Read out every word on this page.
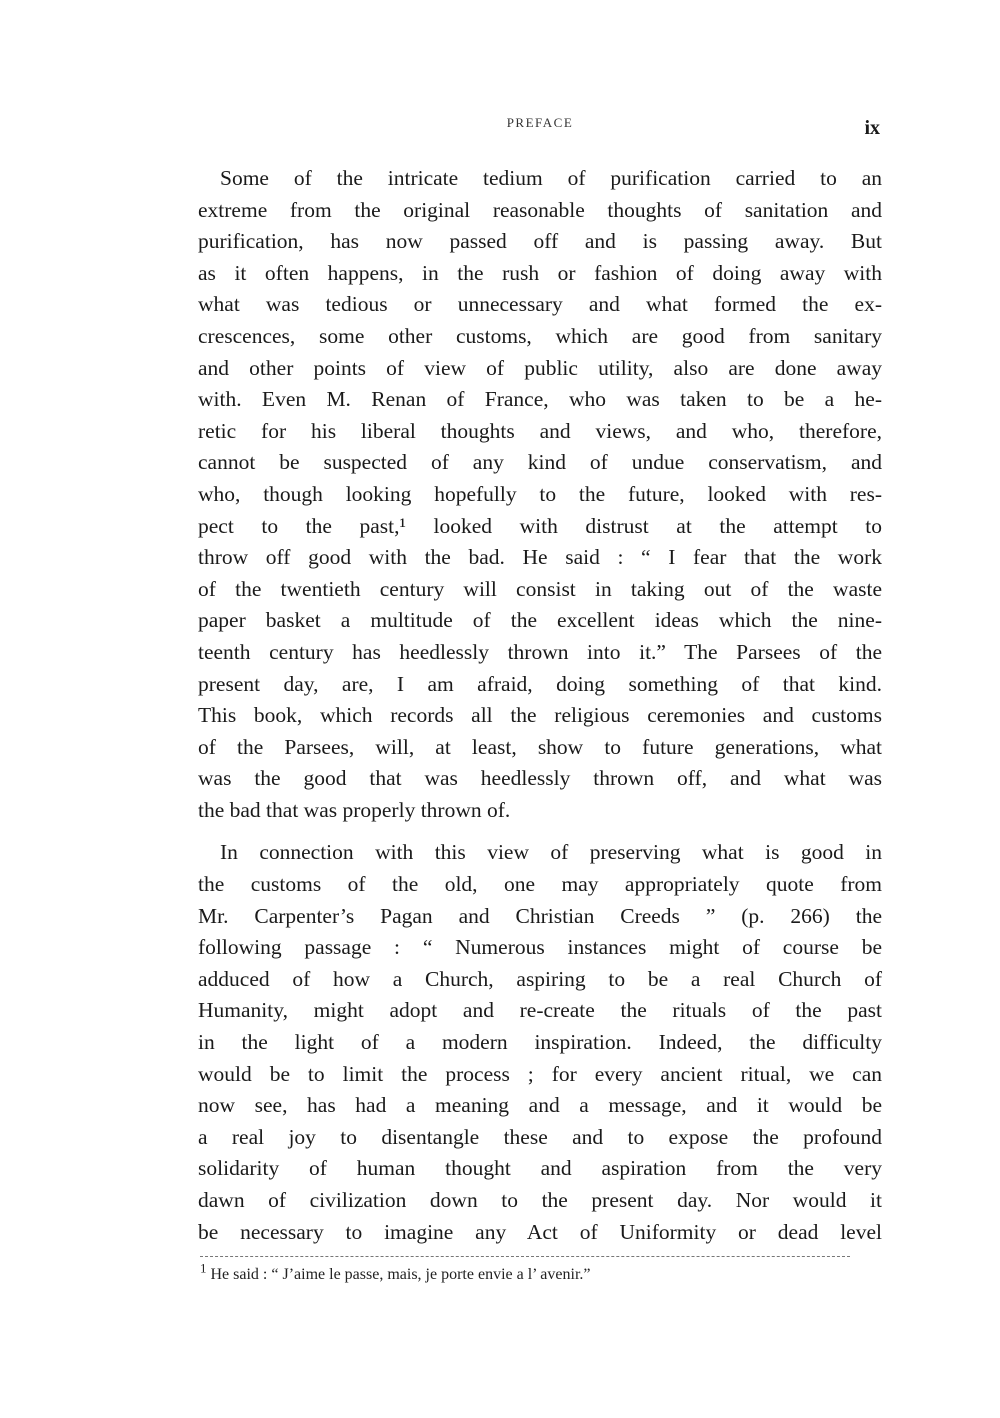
PREFACE	ix
Some of the intricate tedium of purification carried to an
extreme from the original reasonable thoughts of sanitation and
purification, has now passed off and is passing away. But
as it often happens, in the rush or fashion of doing away with
what was tedious or unnecessary and what formed the ex-
crescences, some other customs, which are good from sanitary
and other points of view of public utility, also are done away
with. Even M. Renan of France, who was taken to be a he-
retic for his liberal thoughts and views, and who, therefore,
cannot be suspected of any kind of undue conservatism, and
who, though looking hopefully to the future, looked with res-
pect to the past,¹ looked with distrust at the attempt to
throw off good with the bad. He said : “ I fear that the work
of the twentieth century will consist in taking out of the waste
paper basket a multitude of the excellent ideas which the nine-
teenth century has heedlessly thrown into it.” The Parsees of the
present day, are, I am afraid, doing something of that kind.
This book, which records all the religious ceremonies and customs
of the Parsees, will, at least, show to future generations, what
was the good that was heedlessly thrown off, and what was
the bad that was properly thrown of.
In connection with this view of preserving what is good in
the customs of the old, one may appropriately quote from
Mr. Carpenter’s Pagan and Christian Creeds ” (p. 266) the
following passage : “ Numerous instances might of course be
adduced of how a Church, aspiring to be a real Church of
Humanity, might adopt and re-create the rituals of the past
in the light of a modern inspiration. Indeed, the difficulty
would be to limit the process ; for every ancient ritual, we can
now see, has had a meaning and a message, and it would be
a real joy to disentangle these and to expose the profound
solidarity of human thought and aspiration from the very
dawn of civilization down to the present day. Nor would it
be necessary to imagine any Act of Uniformity or dead level
$^1$ He said : “ J’aime le passe, mais, je porte envie a l’ avenir.”
